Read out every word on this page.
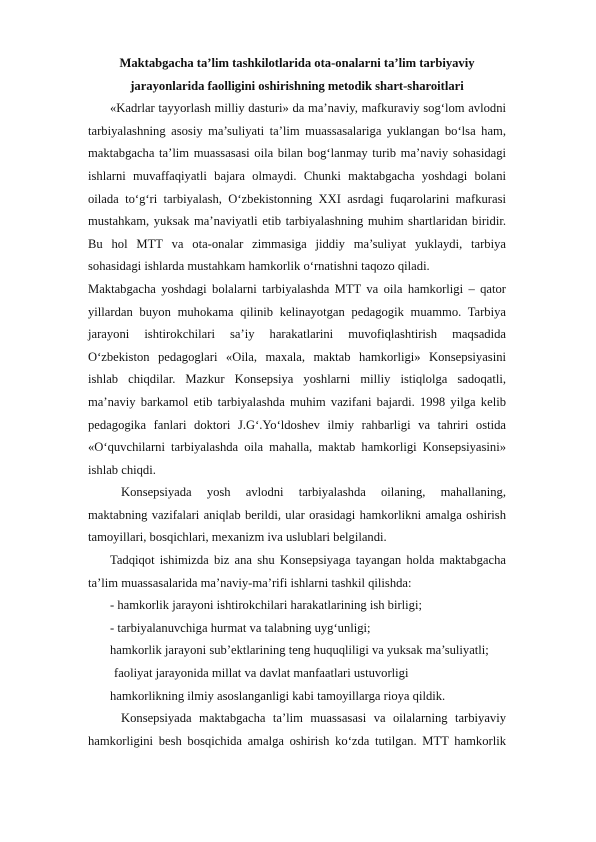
Maktabgacha ta’lim tashkilotlarida ota-onalarni ta’lim tarbiyaviy
jarayonlarida faolligini oshirishning metodik shart-sharoitlari

«Kadrlar tayyorlash milliy dasturi» da ma’naviy, mafkuraviy sog‘lom avlodni tarbiyalashning asosiy ma’suliyati ta’lim muassasalariga yuklangan bo‘lsa ham, maktabgacha ta’lim muassasasi oila bilan bog‘lanmay turib ma’naviy sohasidagi ishlarni muvaffaqiyatli bajara olmaydi. Chunki maktabgacha yoshdagi bolani oilada to‘g‘ri tarbiyalash, O‘zbekistonning XXI asrdagi fuqarolarini mafkurasi mustahkam, yuksak ma’naviyatli etib tarbiyalashning muhim shartlaridan biridir. Bu hol MTT va ota-onalar zimmasiga jiddiy ma’suliyat yuklaydi, tarbiya sohasidagi ishlarda mustahkam hamkorlik o‘rnatishni taqozo qiladi.

Maktabgacha yoshdagi bolalarni tarbiyalashda MTT va oila hamkorligi – qator yillardan buyon muhokama qilinib kelinayotgan pedagogik muammo. Tarbiya jarayoni ishtirokchilari sa’iy harakatlarini muvofiqlashtirish maqsadida O‘zbekiston pedagoglari «Oila, maxala, maktab hamkorligi» Konsepsiyasini ishlab chiqdilar. Mazkur Konsepsiya yoshlarni milliy istiqlolga sadoqatli, ma’naviy barkamol etib tarbiyalashda muhim vazifani bajardi. 1998 yilga kelib pedagogika fanlari doktori J.G‘.Yo‘ldoshev ilmiy rahbarligi va tahriri ostida «O‘quvchilarni tarbiyalashda oila mahalla, maktab hamkorligi Konsepsiyasini» ishlab chiqdi.

Konsepsiyada yosh avlodni tarbiyalashda oilaning, mahallaning, maktabning vazifalari aniqlab berildi, ular orasidagi hamkorlikni amalga oshirish tamoyillari, bosqichlari, mexanizm iva uslublari belgilandi.

Tadqiqot ishimizda biz ana shu Konsepsiyaga tayangan holda maktabgacha ta’lim muassasalarida ma’naviy-ma’rifi ishlarni tashkil qilishda:

- hamkorlik jarayoni ishtirokchilari harakatlarining ish birligi;

- tarbiyalanuvchiga hurmat va talabning uyg‘unligi;

hamkorlik jarayoni sub’ektlarining teng huquqliligi va yuksak ma’suliyatli;

faoliyat jarayonida millat va davlat manfaatlari ustuvorligi

hamkorlikning ilmiy asoslanganligi kabi tamoyillarga rioya qildik.

Konsepsiyada maktabgacha ta’lim muassasasi va oilalarning tarbiyaviy hamkorligini besh bosqichida amalga oshirish ko‘zda tutilgan. MTT hamkorlik
